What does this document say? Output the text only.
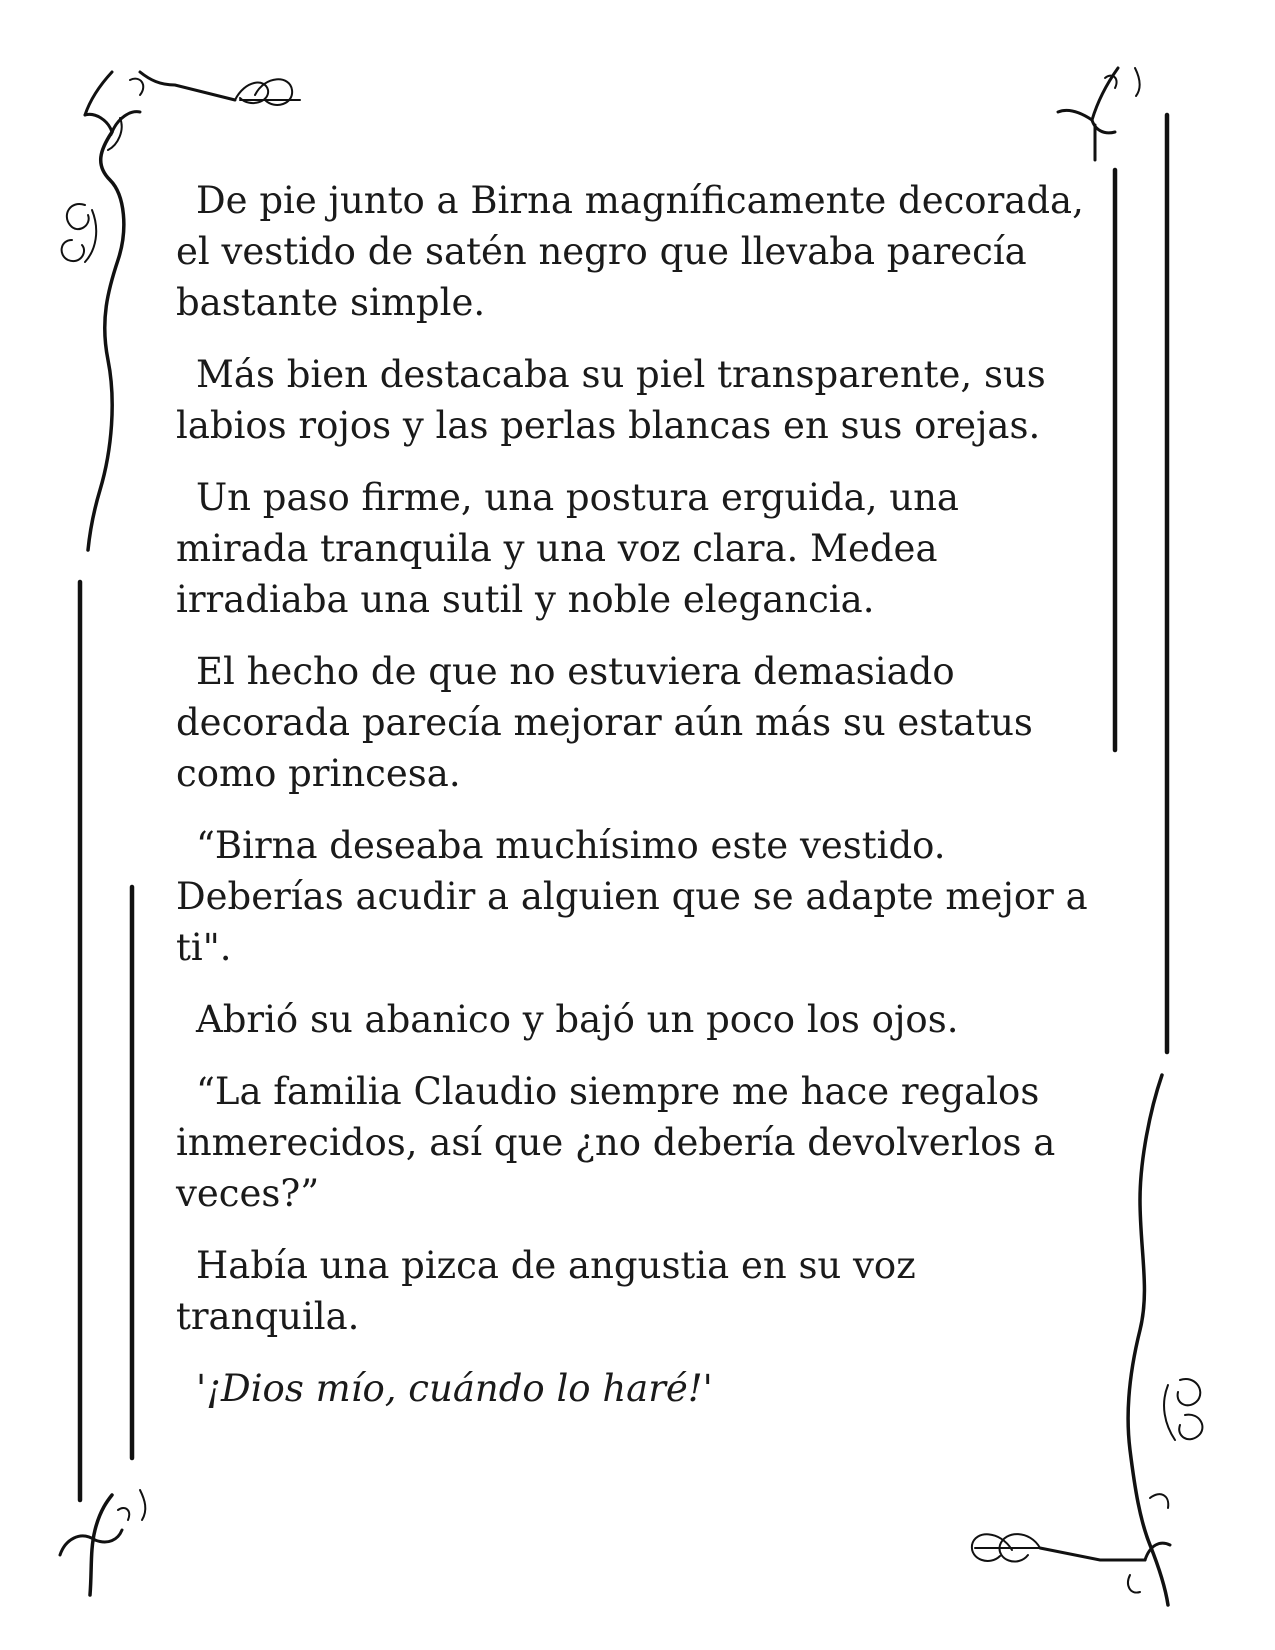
De pie junto a Birna magníficamente decorada, el vestido de satén negro que llevaba parecía bastante simple.

Más bien destacaba su piel transparente, sus labios rojos y las perlas blancas en sus orejas.

Un paso firme, una postura erguida, una mirada tranquila y una voz clara. Medea irradiaba una sutil y noble elegancia.

El hecho de que no estuviera demasiado decorada parecía mejorar aún más su estatus como princesa.

“Birna deseaba muchísimo este vestido. Deberías acudir a alguien que se adapte mejor a ti".

Abrió su abanico y bajó un poco los ojos.

“La familia Claudio siempre me hace regalos inmerecidos, así que ¿no debería devolverlos a veces?”

Había una pizca de angustia en su voz tranquila.

'¡Dios mío, cuándo lo haré!'
